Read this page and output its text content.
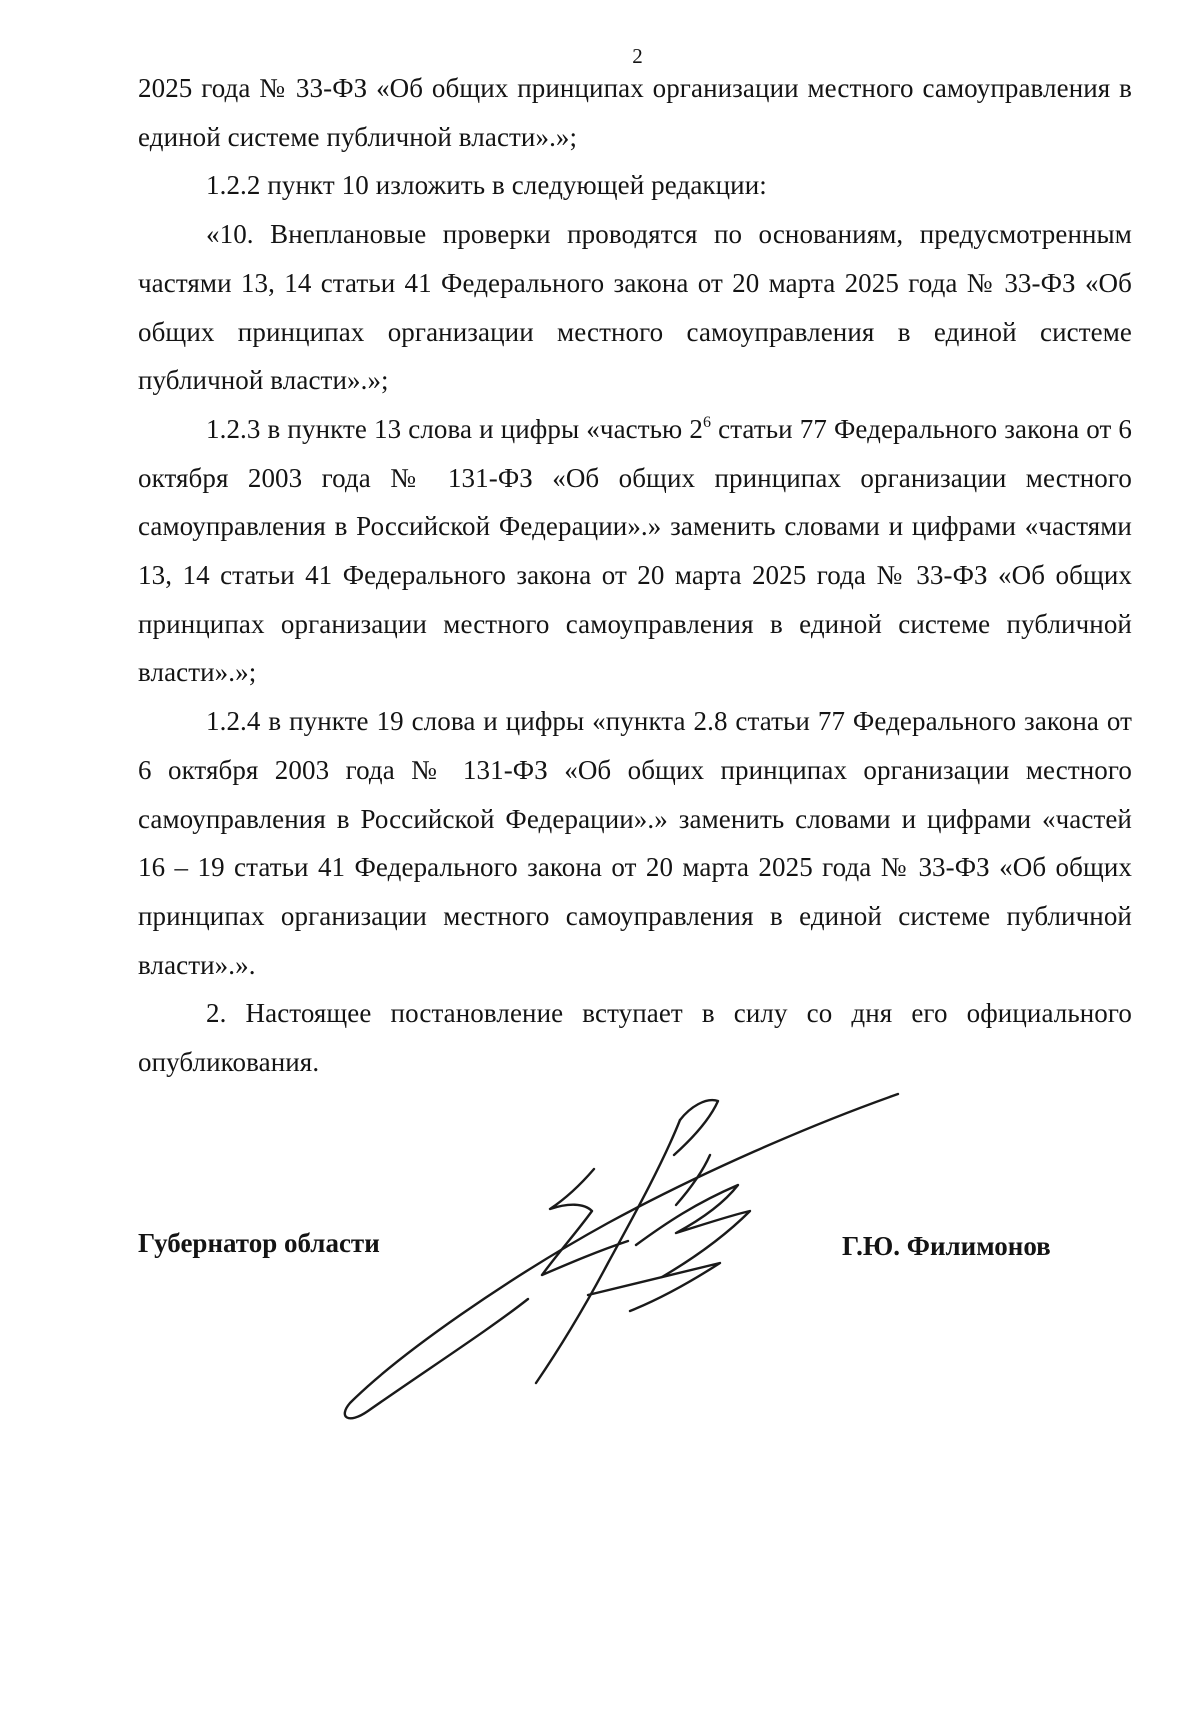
2

2025 года № 33-ФЗ «Об общих принципах организации местного самоуправления в единой системе публичной власти».»;

1.2.2 пункт 10 изложить в следующей редакции:

«10. Внеплановые проверки проводятся по основаниям, предусмотренным частями 13, 14 статьи 41 Федерального закона от 20 марта 2025 года № 33-ФЗ «Об общих принципах организации местного самоуправления в единой системе публичной власти».»;

1.2.3 в пункте 13 слова и цифры «частью $2^6$ статьи 77 Федерального закона от 6 октября 2003 года № 131-ФЗ «Об общих принципах организации местного самоуправления в Российской Федерации».» заменить словами и цифрами «частями 13, 14 статьи 41 Федерального закона от 20 марта 2025 года № 33-ФЗ «Об общих принципах организации местного самоуправления в единой системе публичной власти».»;

1.2.4 в пункте 19 слова и цифры «пункта 2.8 статьи 77 Федерального закона от 6 октября 2003 года № 131-ФЗ «Об общих принципах организации местного самоуправления в Российской Федерации».» заменить словами и цифрами «частей 16 – 19 статьи 41 Федерального закона от 20 марта 2025 года № 33-ФЗ «Об общих принципах организации местного самоуправления в единой системе публичной власти».».

2. Настоящее постановление вступает в силу со дня его официального опубликования.

Губернатор области	Г.Ю. Филимонов
